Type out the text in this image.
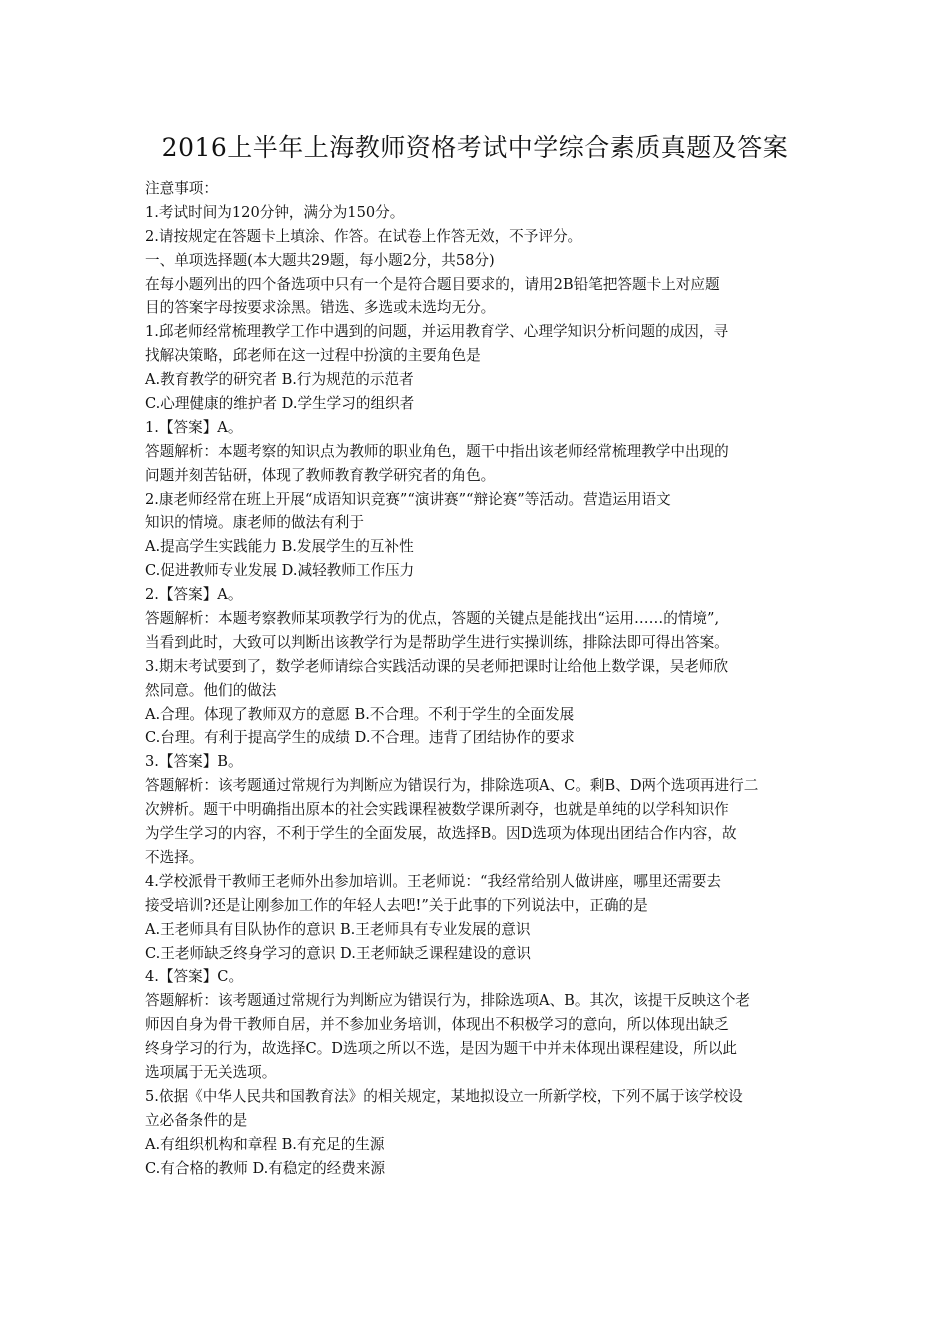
2016上半年上海教师资格考试中学综合素质真题及答案
注意事项：
1.考试时间为120分钟，满分为150分。
2.请按规定在答题卡上填涂、作答。在试卷上作答无效，不予评分。
一、单项选择题(本大题共29题，每小题2分，共58分)
在每小题列出的四个备选项中只有一个是符合题目要求的，请用2B铅笔把答题卡上对应题
目的答案字母按要求涂黑。错选、多选或未选均无分。
1.邱老师经常梳理教学工作中遇到的问题，并运用教育学、心理学知识分析问题的成因，寻
找解决策略，邱老师在这一过程中扮演的主要角色是
A.教育教学的研究者 B.行为规范的示范者
C.心理健康的维护者 D.学生学习的组织者
1.【答案】A。
答题解析：本题考察的知识点为教师的职业角色，题干中指出该老师经常梳理教学中出现的
问题并刻苦钻研，体现了教师教育教学研究者的角色。
2.康老师经常在班上开展“成语知识竞赛”“演讲赛”“辩论赛”等活动。营造运用语文
知识的情境。康老师的做法有利于
A.提高学生实践能力 B.发展学生的互补性
C.促进教师专业发展 D.减轻教师工作压力
2.【答案】A。
答题解析：本题考察教师某项教学行为的优点，答题的关键点是能找出“运用……的情境”,
当看到此时，大致可以判断出该教学行为是帮助学生进行实操训练，排除法即可得出答案。
3.期末考试要到了，数学老师请综合实践活动课的吴老师把课时让给他上数学课，吴老师欣
然同意。他们的做法
A.合理。体现了教师双方的意愿 B.不合理。不利于学生的全面发展
C.台理。有利于提高学生的成绩 D.不合理。违背了团结协作的要求
3.【答案】B。
答题解析：该考题通过常规行为判断应为错误行为，排除选项A、C。剩B、D两个选项再进行二
次辨析。题干中明确指出原本的社会实践课程被数学课所剥夺，也就是单纯的以学科知识作
为学生学习的内容，不利于学生的全面发展，故选择B。因D选项为体现出团结合作内容，故
不选择。
4.学校派骨干教师王老师外出参加培训。王老师说：“我经常给别人做讲座，哪里还需要去
接受培训?还是让刚参加工作的年轻人去吧!”关于此事的下列说法中，正确的是
A.王老师具有目队协作的意识 B.王老师具有专业发展的意识
C.王老师缺乏终身学习的意识 D.王老师缺乏课程建设的意识
4.【答案】C。
答题解析：该考题通过常规行为判断应为错误行为，排除选项A、B。其次，该提干反映这个老
师因自身为骨干教师自居，并不参加业务培训，体现出不积极学习的意向，所以体现出缺乏
终身学习的行为，故选择C。D选项之所以不选，是因为题干中并未体现出课程建设，所以此
选项属于无关选项。
5.依据《中华人民共和国教育法》的相关规定，某地拟设立一所新学校，下列不属于该学校设
立必备条件的是
A.有组织机构和章程 B.有充足的生源
C.有合格的教师 D.有稳定的经费来源
